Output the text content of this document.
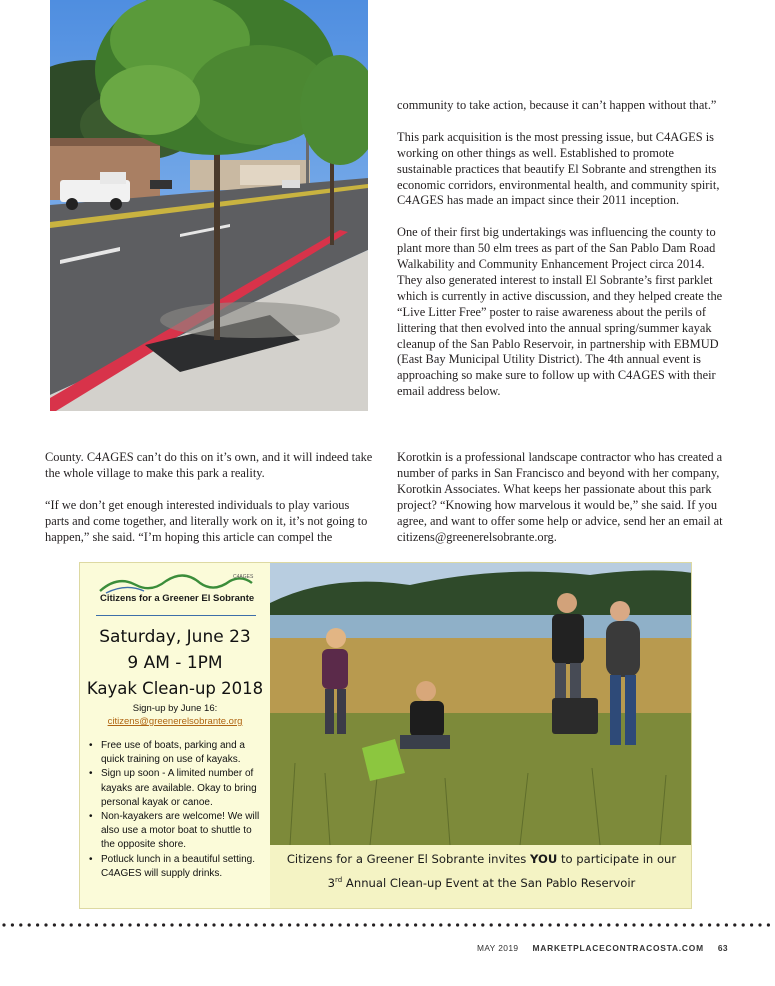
community to take action, because it can’t happen without that.”

This park acquisition is the most pressing issue, but C4AGES is working on other things as well. Established to promote sustainable practices that beautify El Sobrante and strengthen its economic corridors, environmental health, and community spirit, C4AGES has made an impact since their 2011 inception.

One of their first big undertakings was influencing the county to plant more than 50 elm trees as part of the San Pablo Dam Road Walkability and Community Enhancement Project circa 2014. They also generated interest to install El Sobrante’s first parklet which is currently in active discussion, and they helped create the “Live Litter Free” poster to raise awareness about the perils of littering that then evolved into the annual spring/summer kayak cleanup of the San Pablo Reservoir, in partnership with EBMUD (East Bay Municipal Utility District). The 4th annual event is approaching so make sure to follow up with C4AGES with their email address below.

County. C4AGES can’t do this on it’s own, and it will indeed take the whole village to make this park a reality.

“If we don’t get enough interested individuals to play various parts and come together, and literally work on it, it’s not going to happen,” she said. “I’m hoping this article can compel the

Korotkin is a professional landscape contractor who has created a number of parks in San Francisco and beyond with her company, Korotkin Associates. What keeps her passionate about this park project? “Knowing how marvelous it would be,” she said. If you agree, and want to offer some help or advice, send her an email at citizens@greenerelsobrante.org.

C4AGES
Citizens for a Greener El Sobrante
Saturday, June 23
9 AM - 1PM
Kayak Clean-up 2018
Sign-up by June 16:
citizens@greenerelsobrante.org
• Free use of boats, parking and a quick training on use of kayaks.
• Sign up soon - A limited number of kayaks are available. Okay to bring personal kayak or canoe.
• Non-kayakers are welcome! We will also use a motor boat to shuttle to the opposite shore.
• Potluck lunch in a beautiful setting. C4AGES will supply drinks.
Citizens for a Greener El Sobrante invites YOU to participate in our
3rd Annual Clean-up Event at the San Pablo Reservoir
MAY 2019 MARKETPLACECONTRACOSTA.COM 63
